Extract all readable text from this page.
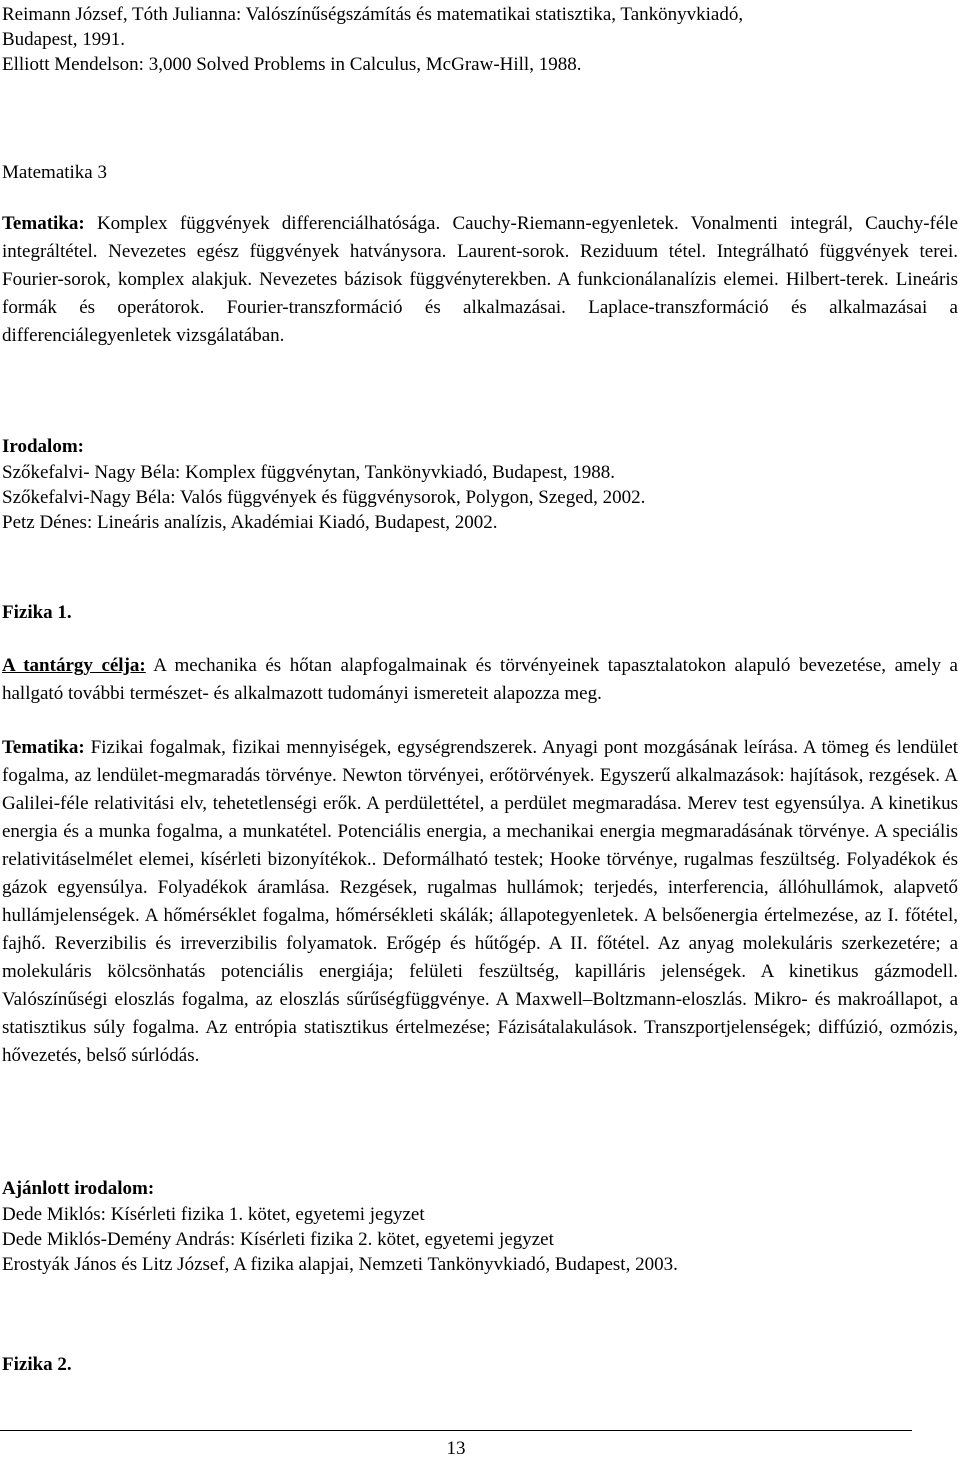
Reimann József, Tóth Julianna: Valószínűségszámítás és matematikai statisztika, Tankönyvkiadó,

Budapest, 1991.

Elliott Mendelson: 3,000 Solved Problems in Calculus, McGraw-Hill, 1988.

Matematika 3

Tematika: Komplex függvények differenciálhatósága. Cauchy-Riemann-egyenletek. Vonalmenti integrál, Cauchy-féle integráltétel. Nevezetes egész függvények hatványsora. Laurent-sorok. Reziduum tétel. Integrálható függvények terei. Fourier-sorok, komplex alakjuk. Nevezetes bázisok függvényterekben. A funkcionálanalízis elemei. Hilbert-terek. Lineáris formák és operátorok. Fourier-transzformáció és alkalmazásai. Laplace-transzformáció és alkalmazásai a differenciálegyenletek vizsgálatában.

Irodalom:

Szőkefalvi- Nagy Béla: Komplex függvénytan, Tankönyvkiadó, Budapest, 1988.

Szőkefalvi-Nagy Béla: Valós függvények és függvénysorok, Polygon, Szeged, 2002.

Petz Dénes: Lineáris analízis, Akadémiai Kiadó, Budapest, 2002.

Fizika 1.

A tantárgy célja: A mechanika és hőtan alapfogalmainak és törvényeinek tapasztalatokon alapuló bevezetése, amely a hallgató további természet- és alkalmazott tudományi ismereteit alapozza meg.
Tematika: Fizikai fogalmak, fizikai mennyiségek, egységrendszerek. Anyagi pont mozgásának leírása. A tömeg és lendület fogalma, az lendület-megmaradás törvénye. Newton törvényei, erőtörvények. Egyszerű alkalmazások: hajítások, rezgések. A Galilei-féle relativitási elv, tehetetlenségi erők. A perdülettétel, a perdület megmaradása. Merev test egyensúlya. A kinetikus energia és a munka fogalma, a munkatétel. Potenciális energia, a mechanikai energia megmaradásának törvénye. A speciális relativitáselmélet elemei, kísérleti bizonyítékok.. Deformálható testek; Hooke törvénye, rugalmas feszültség. Folyadékok és gázok egyensúlya. Folyadékok áramlása. Rezgések, rugalmas hullámok; terjedés, interferencia, állóhullámok, alapvető hullámjelenségek. A hőmérséklet fogalma, hőmérsékleti skálák; állapotegyenletek. A belsőenergia értelmezése, az I. főtétel, fajhő. Reverzibilis és irreverzibilis folyamatok. Erőgép és hűtőgép. A II. főtétel. Az anyag molekuláris szerkezetére; a molekuláris kölcsönhatás potenciális energiája; felületi feszültség, kapilláris jelenségek. A kinetikus gázmodell. Valószínűségi eloszlás fogalma, az eloszlás sűrűségfüggvénye. A Maxwell–Boltzmann-eloszlás. Mikro- és makroállapot, a statisztikus súly fogalma. Az entrópia statisztikus értelmezése; Fázisátalakulások. Transzportjelenségek; diffúzió, ozmózis, hővezetés, belső súrlódás.

Ajánlott irodalom:

Dede Miklós: Kísérleti fizika 1. kötet, egyetemi jegyzet

Dede Miklós-Demény András: Kísérleti fizika 2. kötet, egyetemi jegyzet

Erostyák János és Litz József, A fizika alapjai, Nemzeti Tankönyvkiadó, Budapest, 2003.

Fizika 2.

13
